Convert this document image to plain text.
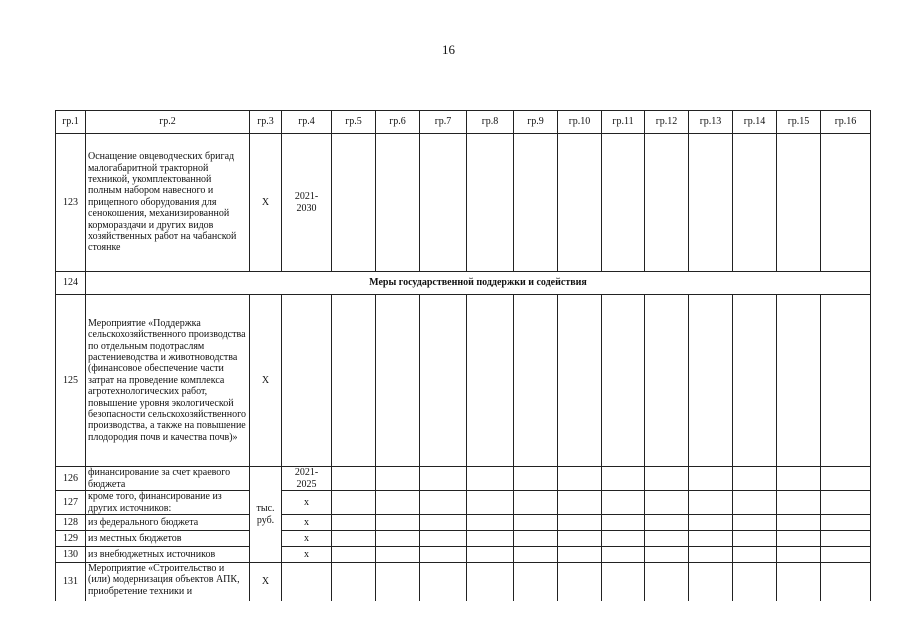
16
гр.1	гр.2	гр.3	гр.4	гр.5	гр.6	гр.7	гр.8	гр.9	гр.10	гр.11	гр.12	гр.13	гр.14	гр.15	гр.16
123	Оснащение овцеводческих бригад малогабаритной тракторной техникой, укомплектованной полным набором навесного и прицепного оборудования для сенокошения, механизированной кормораздачи и других видов хозяйственных работ на чабанской стоянке	Х	2021-2030												
124	Меры государственной поддержки и содействия														
125	Мероприятие «Поддержка сельскохозяйственного производства по отдельным подотраслям растениеводства и животноводства (финансовое обеспечение части затрат на проведение комплекса агротехнологических работ, повышение уровня экологической безопасности сельскохозяйственного производства, а также на повышение плодородия почв и качества почв)»	Х													
126	финансирование за счет краевого бюджета	тыс. руб.	2021-2025												
127	кроме того, финансирование из других источников:		х												
128	из федерального бюджета		х												
129	из местных бюджетов		х												
130	из внебюджетных источников		х												
131	Мероприятие «Строительство и (или) модернизация объектов АПК, приобретение техники и	Х													
